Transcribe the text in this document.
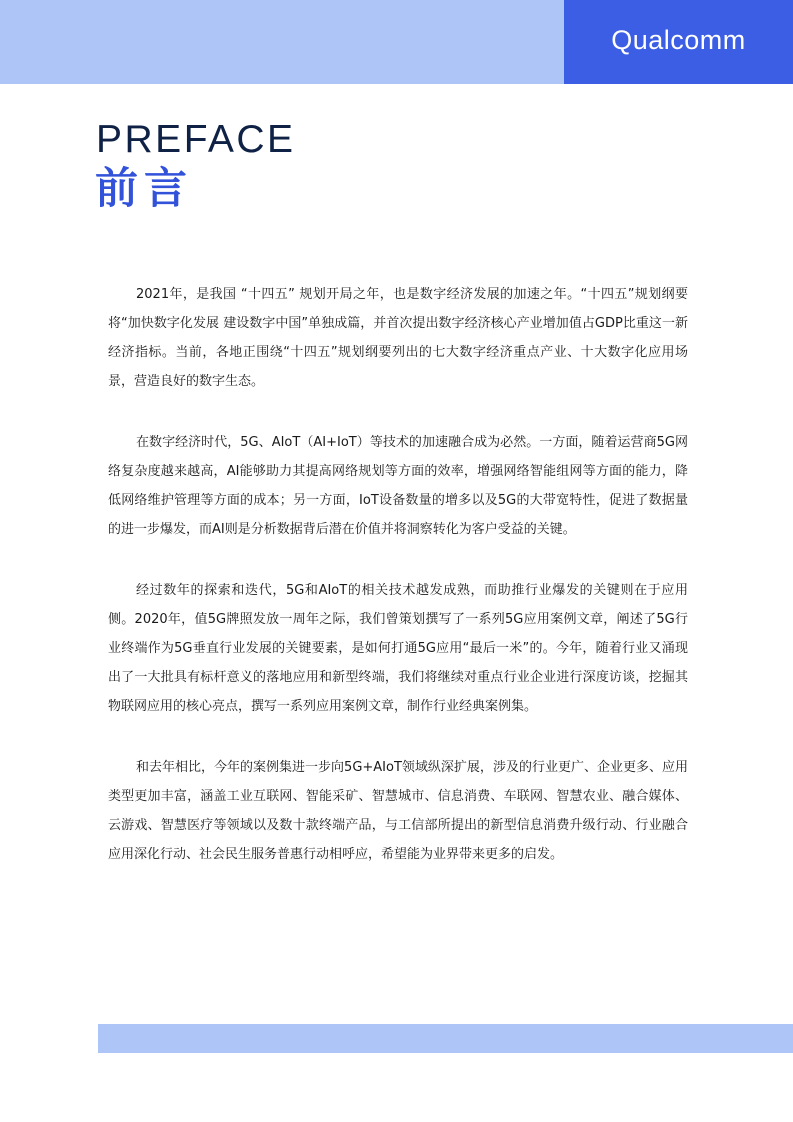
Qualcomm
PREFACE
前言

2021年，是我国 “十四五” 规划开局之年，也是数字经济发展的加速之年。“十四五”规划纲要将“加快数字化发展 建设数字中国”单独成篇，并首次提出数字经济核心产业增加值占GDP比重这一新经济指标。当前，各地正围绕“十四五”规划纲要列出的七大数字经济重点产业、十大数字化应用场景，营造良好的数字生态。

在数字经济时代，5G、AIoT（AI+IoT）等技术的加速融合成为必然。一方面，随着运营商5G网络复杂度越来越高，AI能够助力其提高网络规划等方面的效率，增强网络智能组网等方面的能力，降低网络维护管理等方面的成本；另一方面，IoT设备数量的增多以及5G的大带宽特性，促进了数据量的进一步爆发，而AI则是分析数据背后潜在价值并将洞察转化为客户受益的关键。

经过数年的探索和迭代，5G和AIoT的相关技术越发成熟，而助推行业爆发的关键则在于应用侧。2020年，值5G牌照发放一周年之际，我们曾策划撰写了一系列5G应用案例文章，阐述了5G行业终端作为5G垂直行业发展的关键要素，是如何打通5G应用“最后一米”的。今年，随着行业又涌现出了一大批具有标杆意义的落地应用和新型终端，我们将继续对重点行业企业进行深度访谈，挖掘其物联网应用的核心亮点，撰写一系列应用案例文章，制作行业经典案例集。

和去年相比，今年的案例集进一步向5G+AIoT领域纵深扩展，涉及的行业更广、企业更多、应用类型更加丰富，涵盖工业互联网、智能采矿、智慧城市、信息消费、车联网、智慧农业、融合媒体、云游戏、智慧医疗等领域以及数十款终端产品，与工信部所提出的新型信息消费升级行动、行业融合应用深化行动、社会民生服务普惠行动相呼应，希望能为业界带来更多的启发。
